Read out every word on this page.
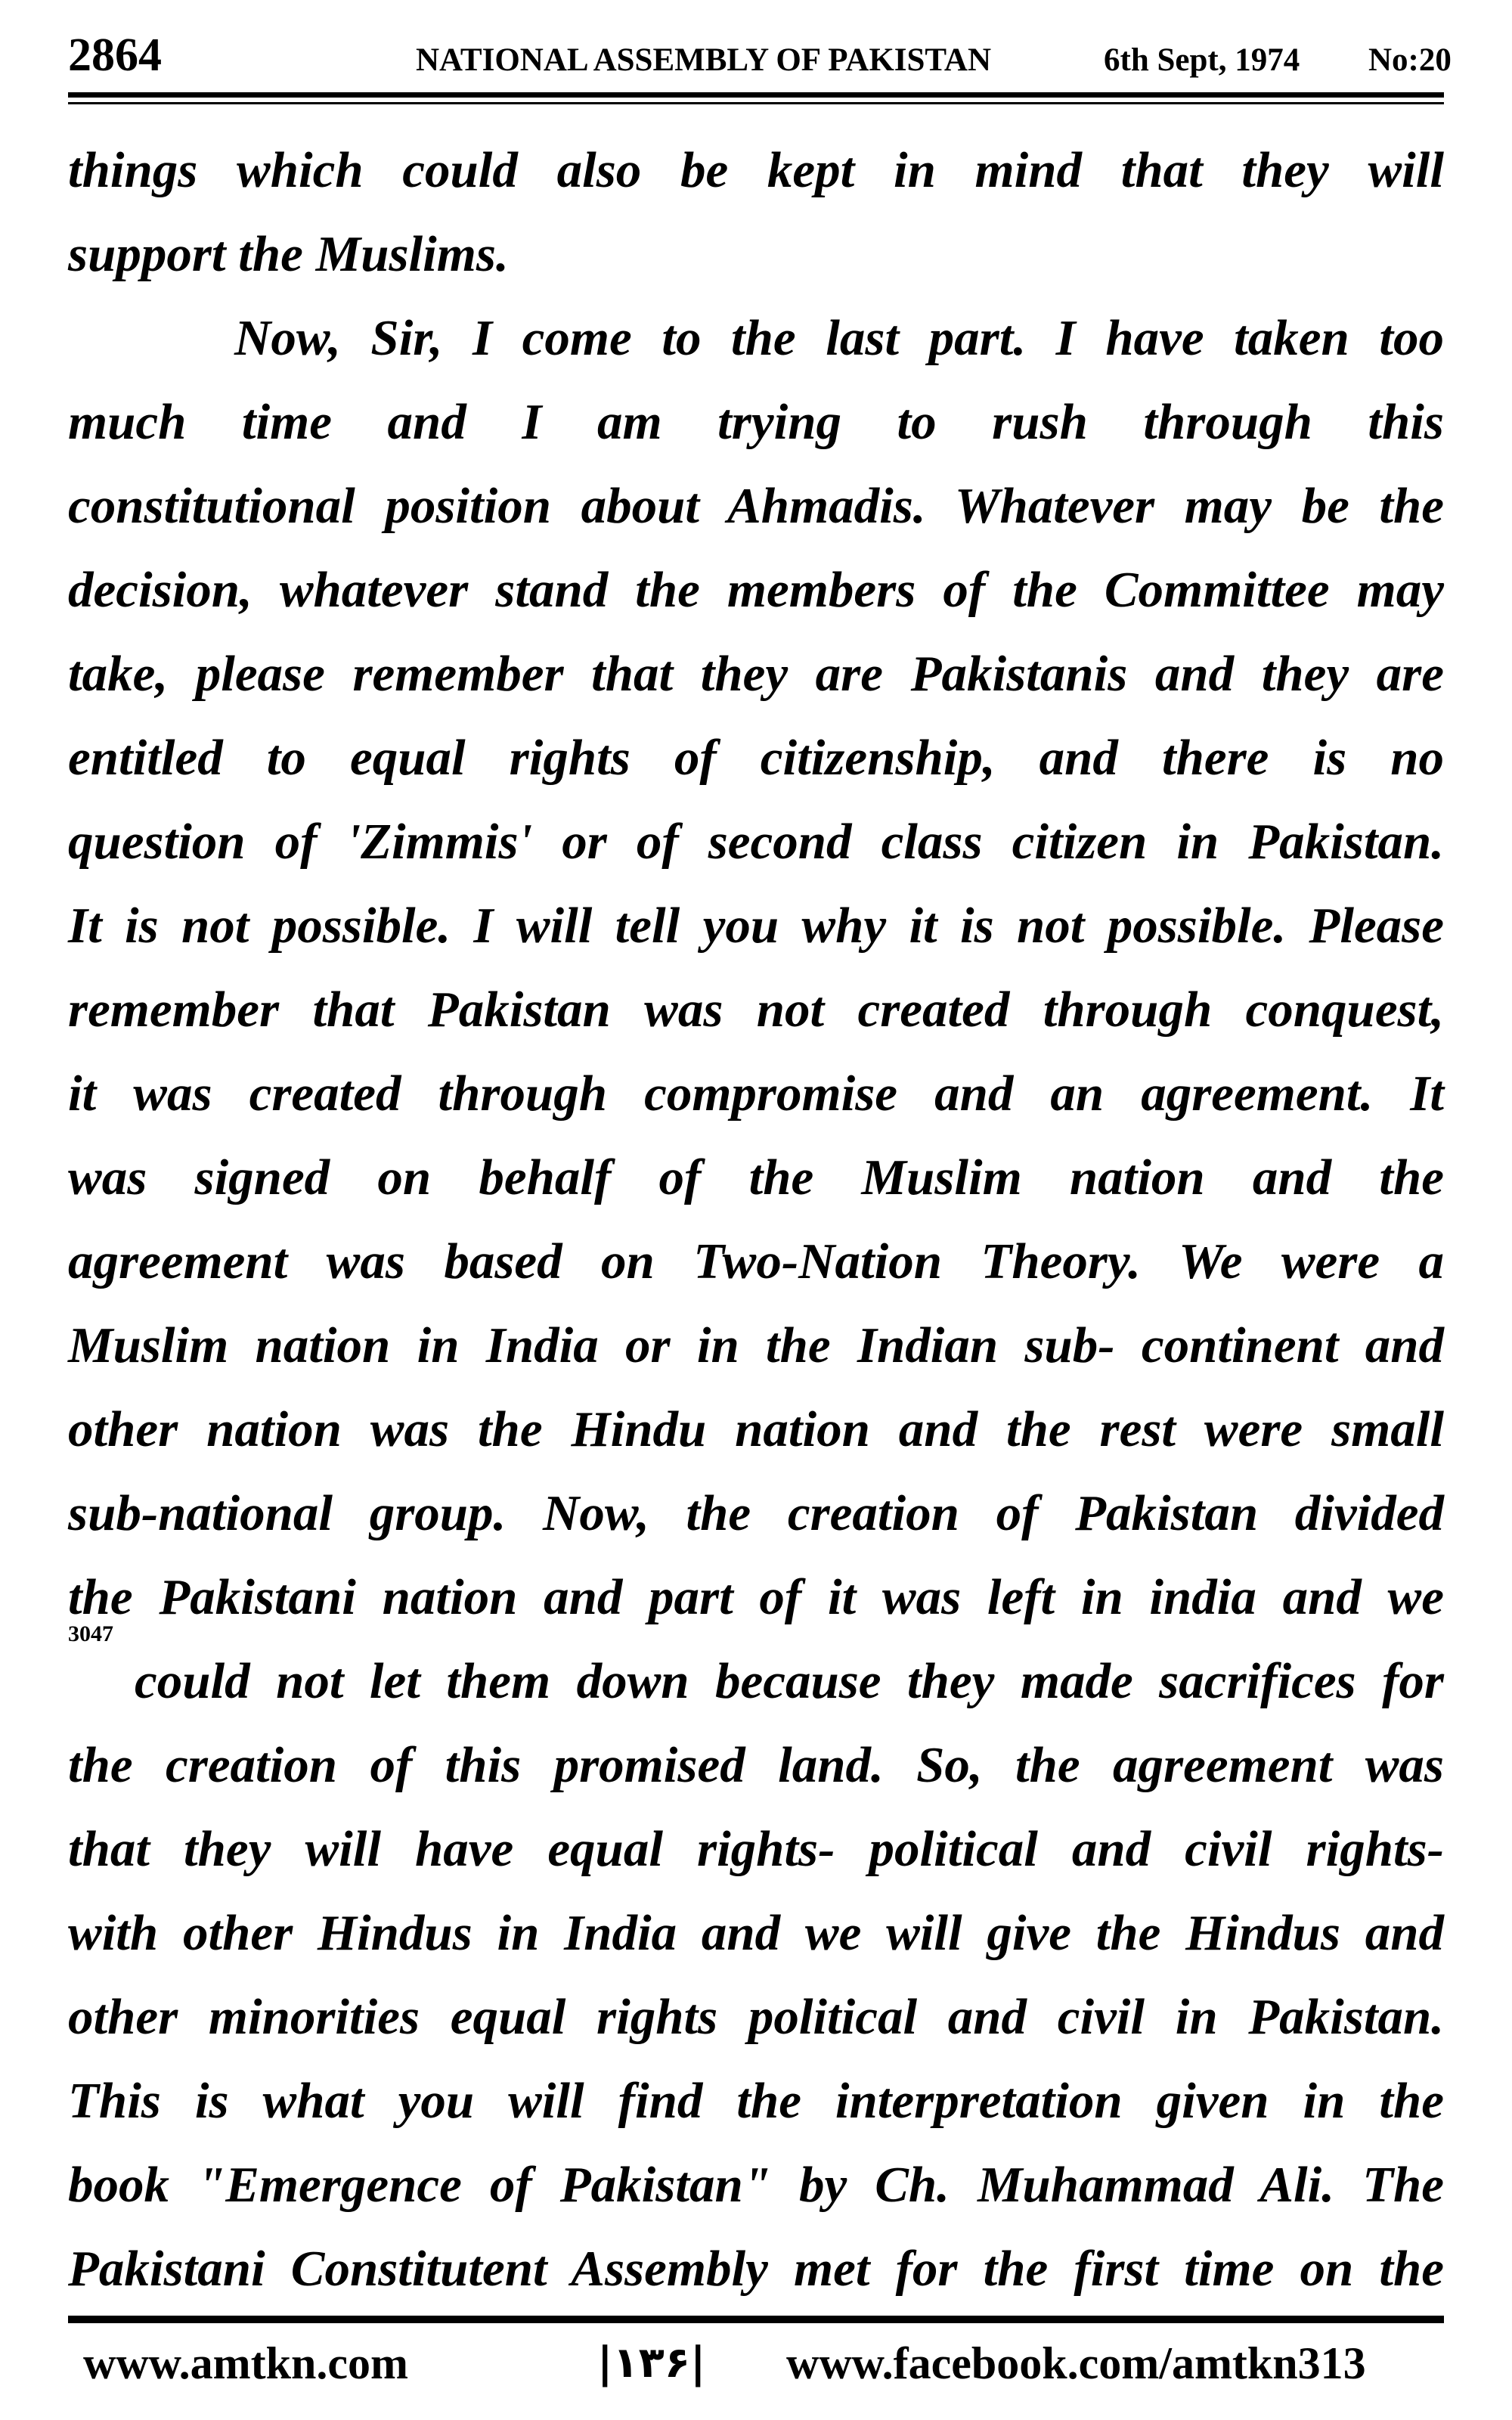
2864	NATIONAL ASSEMBLY OF PAKISTAN	6th Sept, 1974 No:20
things which could also be kept in mind that they will
support the Muslims.
Now, Sir, I come to the last part. I have taken too
much time and I am trying to rush through this
constitutional position about Ahmadis. Whatever may be the
decision, whatever stand the members of the Committee may
take, please remember that they are Pakistanis and they are
entitled to equal rights of citizenship, and there is no
question of 'Zimmis' or of second class citizen in Pakistan.
It is not possible. I will tell you why it is not possible. Please
remember that Pakistan was not created through conquest,
it was created through compromise and an agreement. It
was signed on behalf of the Muslim nation and the
agreement was based on Two-Nation Theory. We were a
Muslim nation in India or in the Indian sub- continent and
other nation was the Hindu nation and the rest were small
sub-national group. Now, the creation of Pakistan divided
the Pakistani nation and part of it was left in india and we
3047
could not let them down because they made sacrifices for
the creation of this promised land. So, the agreement was
that they will have equal rights- political and civil rights-
with other Hindus in India and we will give the Hindus and
other minorities equal rights political and civil in Pakistan.
This is what you will find the interpretation given in the
book "Emergence of Pakistan" by Ch. Muhammad Ali. The
Pakistani Constitutent Assembly met for the first time on the
www.amtkn.com	|۱۳۶| www.facebook.com/amtkn313
